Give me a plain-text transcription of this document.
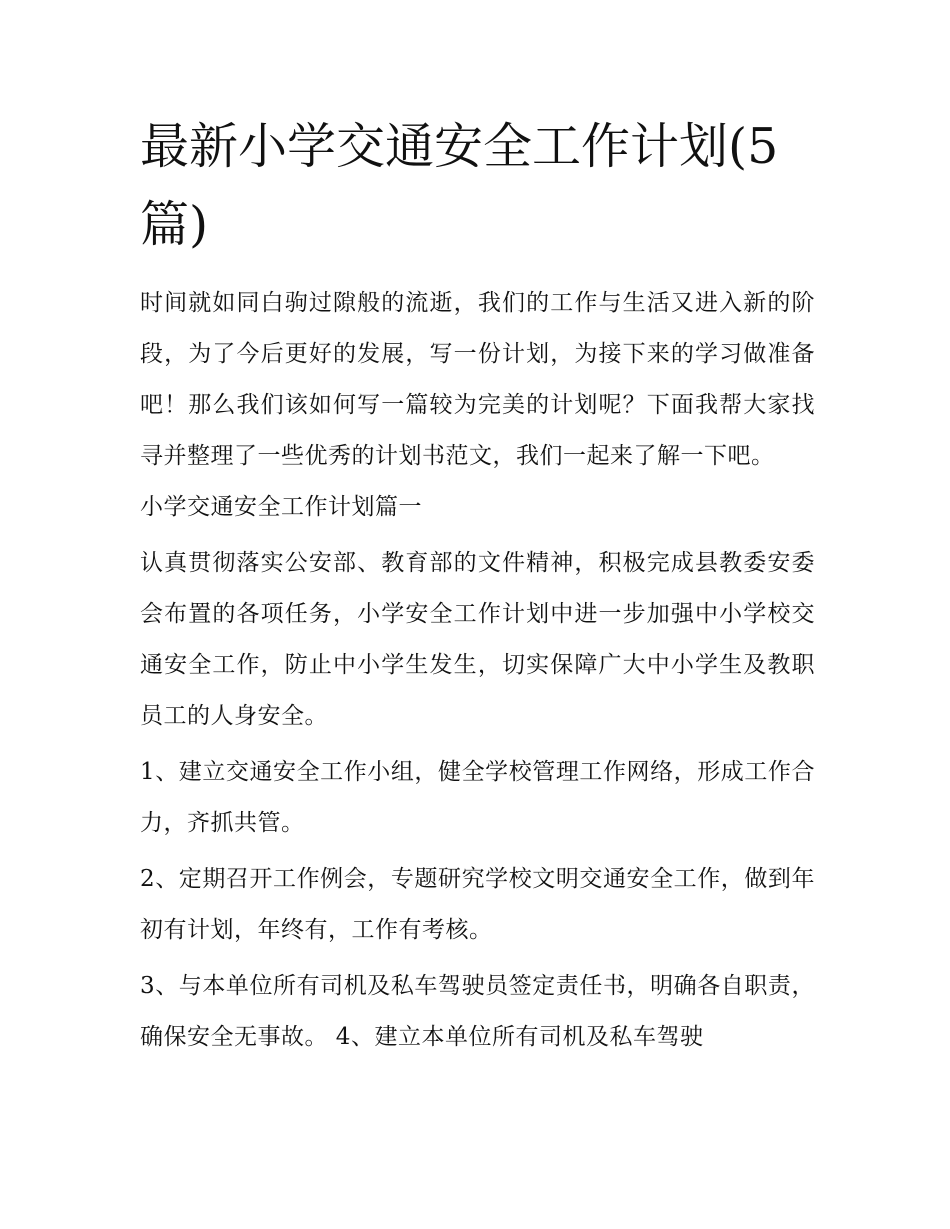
最新小学交通安全工作计划(5篇)

时间就如同白驹过隙般的流逝，我们的工作与生活又进入新的阶段，为了今后更好的发展，写一份计划，为接下来的学习做准备吧！那么我们该如何写一篇较为完美的计划呢？下面我帮大家找寻并整理了一些优秀的计划书范文，我们一起来了解一下吧。

小学交通安全工作计划篇一

认真贯彻落实公安部、教育部的文件精神，积极完成县教委安委会布置的各项任务，小学安全工作计划中进一步加强中小学校交通安全工作，防止中小学生发生，切实保障广大中小学生及教职员工的人身安全。

1、建立交通安全工作小组，健全学校管理工作网络，形成工作合力，齐抓共管。

2、定期召开工作例会，专题研究学校文明交通安全工作，做到年初有计划，年终有，工作有考核。

3、与本单位所有司机及私车驾驶员签定责任书，明确各自职责，确保安全无事故。 4、建立本单位所有司机及私车驾驶
